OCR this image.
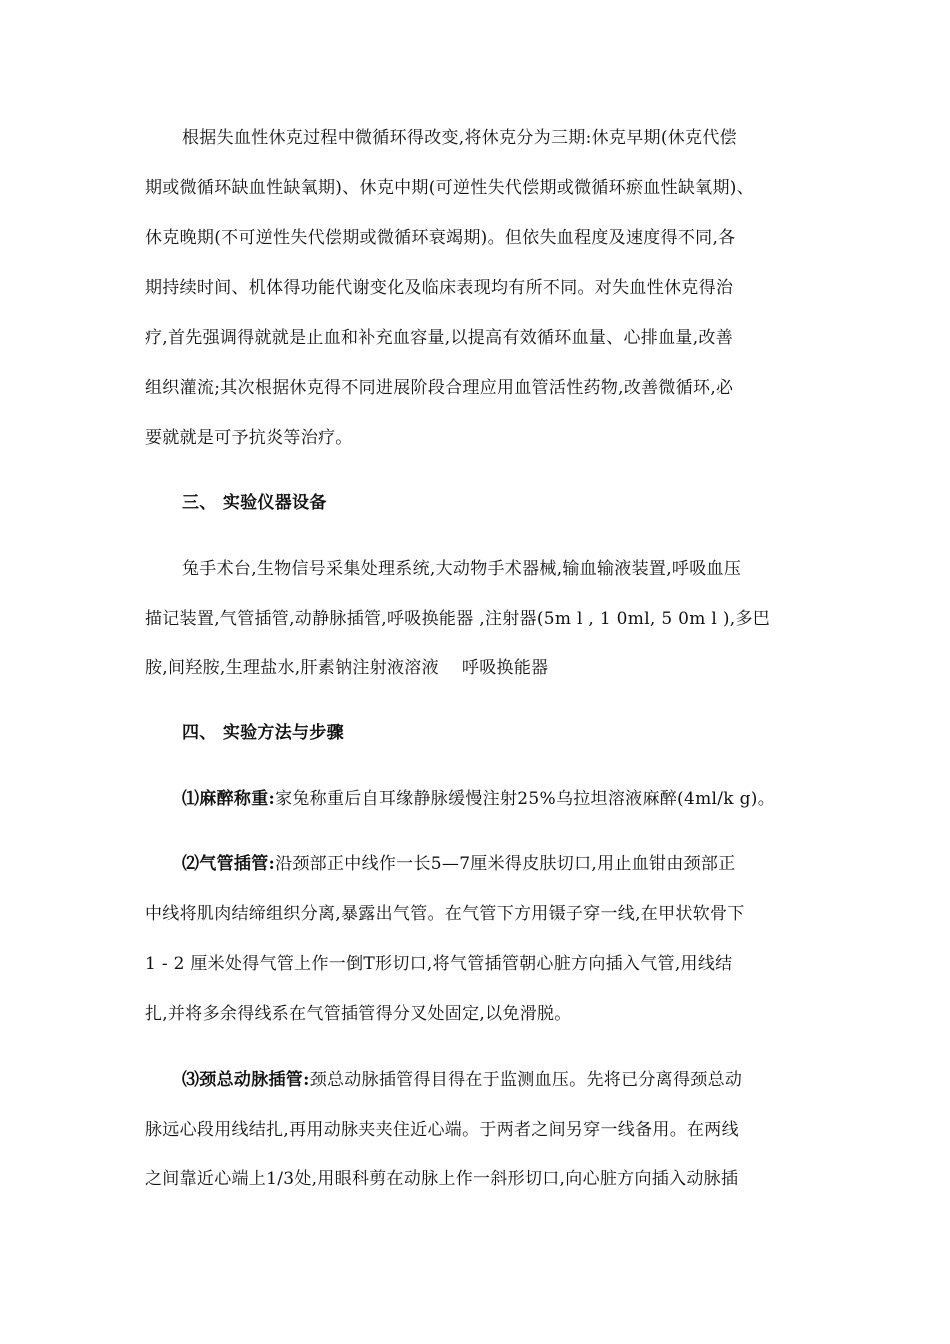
根据失血性休克过程中微循环得改变,将休克分为三期:休克早期(休克代偿
期或微循环缺血性缺氧期)、休克中期(可逆性失代偿期或微循环瘀血性缺氧期)、
休克晚期(不可逆性失代偿期或微循环衰竭期)。但依失血程度及速度得不同,各
期持续时间、机体得功能代谢变化及临床表现均有所不同。对失血性休克得治
疗,首先强调得就就是止血和补充血容量,以提高有效循环血量、心排血量,改善
组织灌流;其次根据休克得不同进展阶段合理应用血管活性药物,改善微循环,必
要就就是可予抗炎等治疗。
三、 实验仪器设备
兔手术台,生物信号采集处理系统,大动物手术器械,输血输液装置,呼吸血压
描记装置,气管插管,动静脉插管,呼吸换能器 ,注射器(5m l , 1 0ml, 5 0m l ),多巴
胺,间羟胺,生理盐水,肝素钠注射液溶液　 呼吸换能器
四、 实验方法与步骤
⑴麻醉称重:家兔称重后自耳缘静脉缓慢注射25%乌拉坦溶液麻醉(4ml/k g)。
⑵气管插管:沿颈部正中线作一长5—7厘米得皮肤切口,用止血钳由颈部正
中线将肌肉结缔组织分离,暴露出气管。在气管下方用镊子穿一线,在甲状软骨下
1 - 2 厘米处得气管上作一倒T形切口,将气管插管朝心脏方向插入气管,用线结
扎,并将多余得线系在气管插管得分叉处固定,以免滑脱。
⑶颈总动脉插管:颈总动脉插管得目得在于监测血压。先将已分离得颈总动
脉远心段用线结扎,再用动脉夹夹住近心端。于两者之间另穿一线备用。在两线
之间靠近心端上1/3处,用眼科剪在动脉上作一斜形切口,向心脏方向插入动脉插
